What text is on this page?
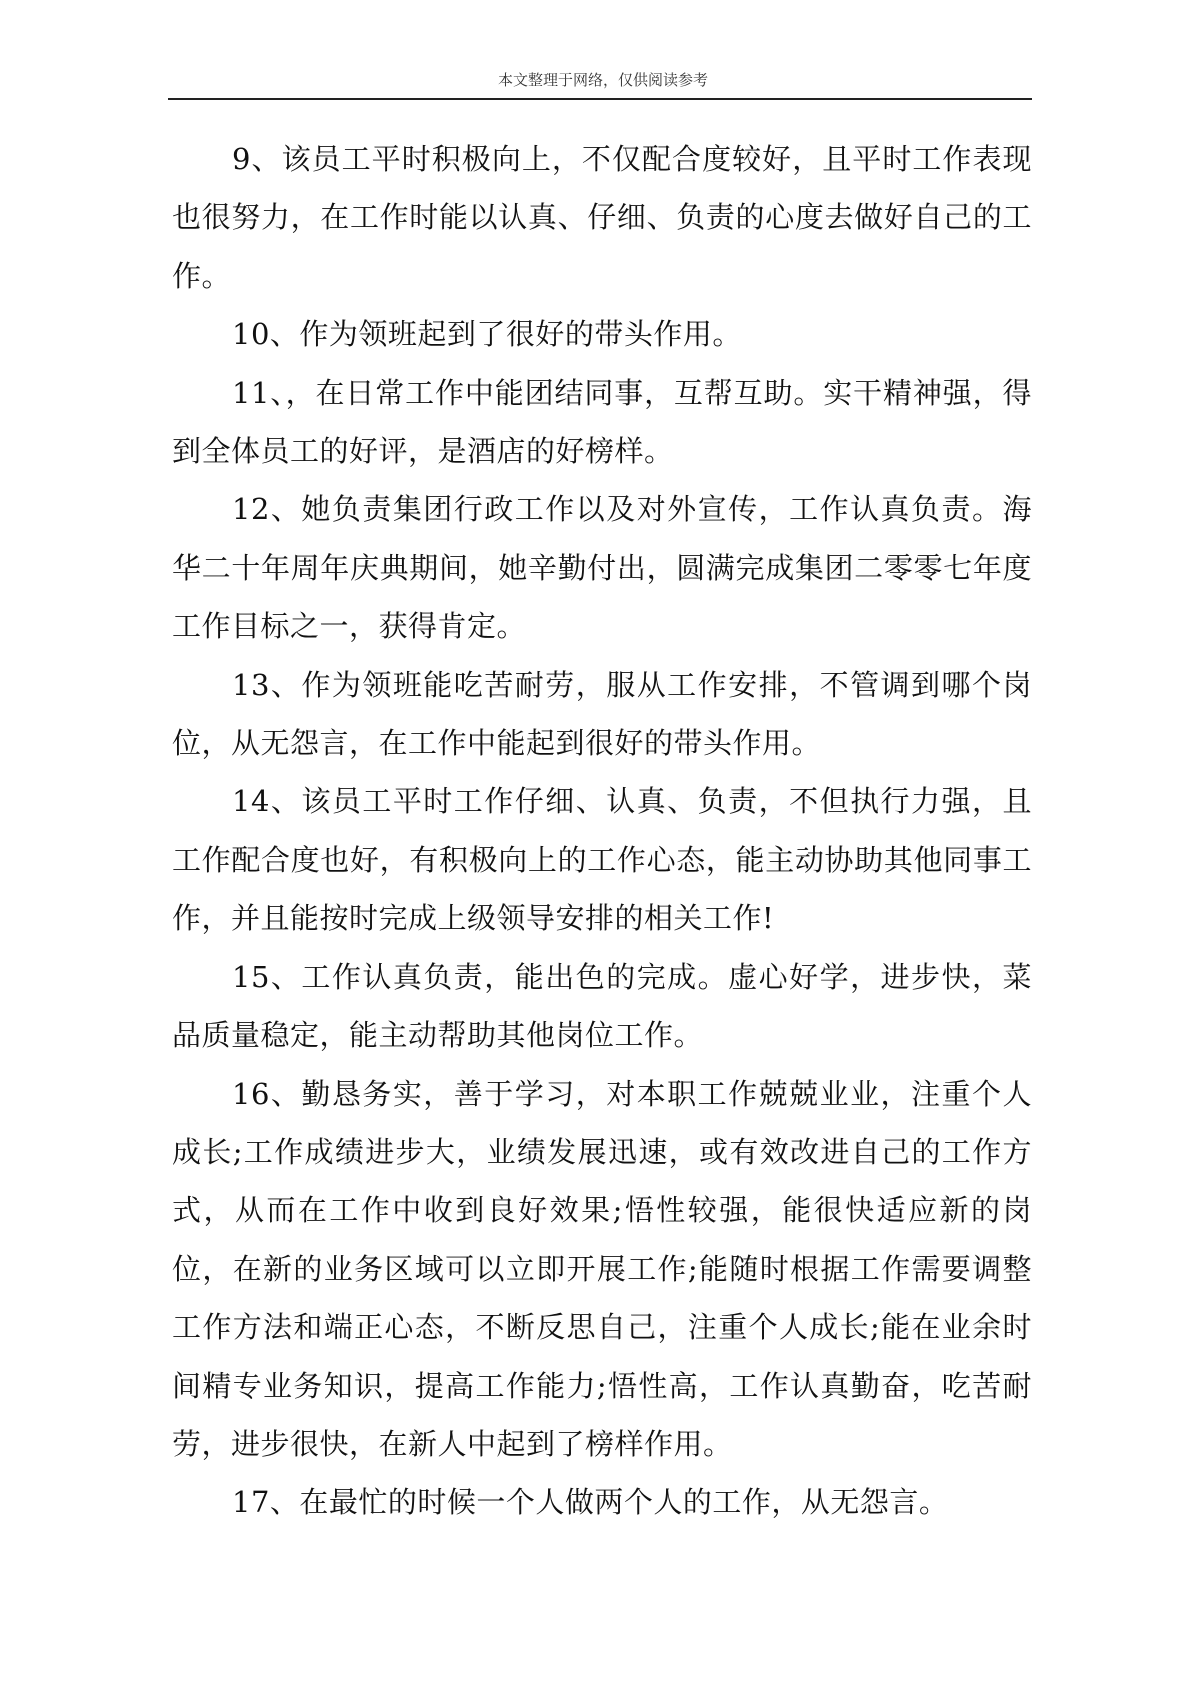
本文整理于网络，仅供阅读参考

9、该员工平时积极向上，不仅配合度较好，且平时工作表现也很努力，在工作时能以认真、仔细、负责的心度去做好自己的工作。

10、作为领班起到了很好的带头作用。

11、，在日常工作中能团结同事，互帮互助。实干精神强，得到全体员工的好评，是酒店的好榜样。

12、她负责集团行政工作以及对外宣传，工作认真负责。海华二十年周年庆典期间，她辛勤付出，圆满完成集团二零零七年度工作目标之一，获得肯定。

13、作为领班能吃苦耐劳，服从工作安排，不管调到哪个岗位，从无怨言，在工作中能起到很好的带头作用。

14、该员工平时工作仔细、认真、负责，不但执行力强，且工作配合度也好，有积极向上的工作心态，能主动协助其他同事工作，并且能按时完成上级领导安排的相关工作!

15、工作认真负责，能出色的完成。虚心好学，进步快，菜品质量稳定，能主动帮助其他岗位工作。

16、勤恳务实，善于学习，对本职工作兢兢业业，注重个人成长;工作成绩进步大，业绩发展迅速，或有效改进自己的工作方式，从而在工作中收到良好效果;悟性较强，能很快适应新的岗位，在新的业务区域可以立即开展工作;能随时根据工作需要调整工作方法和端正心态，不断反思自己，注重个人成长;能在业余时间精专业务知识，提高工作能力;悟性高，工作认真勤奋，吃苦耐劳，进步很快，在新人中起到了榜样作用。

17、在最忙的时候一个人做两个人的工作，从无怨言。
